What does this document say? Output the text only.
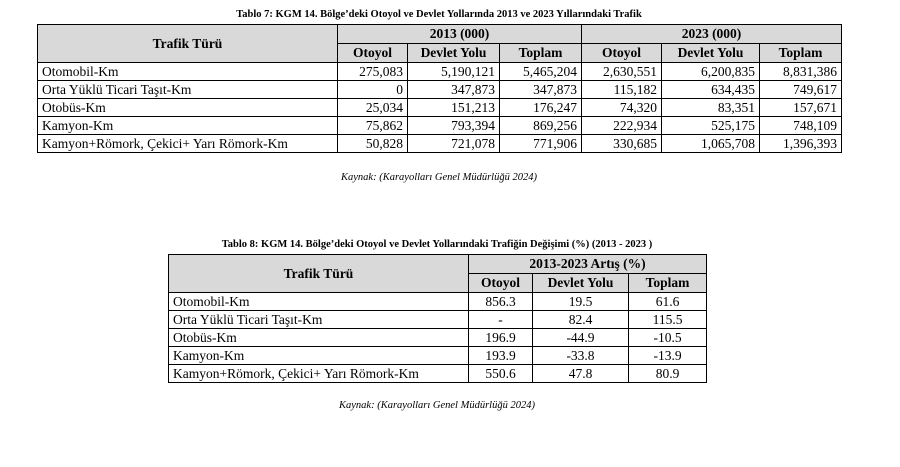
Tablo 7: KGM 14. Bölge’deki Otoyol ve Devlet Yollarında 2013 ve 2023 Yıllarındaki Trafik
Trafik Türü	2013 (000)			2023 (000)		
	Otoyol	Devlet Yolu	Toplam	Otoyol	Devlet Yolu	Toplam
Otomobil-Km	275,083	5,190,121	5,465,204	2,630,551	6,200,835	8,831,386
Orta Yüklü Ticari Taşıt-Km	0	347,873	347,873	115,182	634,435	749,617
Otobüs-Km	25,034	151,213	176,247	74,320	83,351	157,671
Kamyon-Km	75,862	793,394	869,256	222,934	525,175	748,109
Kamyon+Römork, Çekici+ Yarı Römork-Km	50,828	721,078	771,906	330,685	1,065,708	1,396,393
Kaynak: (Karayolları Genel Müdürlüğü 2024)
Tablo 8: KGM 14. Bölge’deki Otoyol ve Devlet Yollarındaki Trafiğin Değişimi (%) (2013 - 2023 )
Trafik Türü	2013-2023 Artış (%)		
	Otoyol	Devlet Yolu	Toplam
Otomobil-Km	856.3	19.5	61.6
Orta Yüklü Ticari Taşıt-Km	-	82.4	115.5
Otobüs-Km	196.9	-44.9	-10.5
Kamyon-Km	193.9	-33.8	-13.9
Kamyon+Römork, Çekici+ Yarı Römork-Km	550.6	47.8	80.9
Kaynak: (Karayolları Genel Müdürlüğü 2024)
